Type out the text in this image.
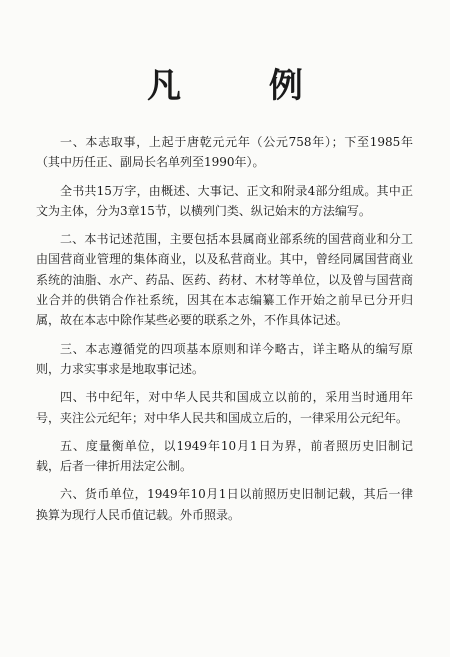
凡 例

一、本志取事，上起于唐乾元元年（公元758年）；下至1985年（其中历任正、副局长名单列至1990年）。

全书共15万字，由概述、大事记、正文和附录4部分组成。其中正文为主体，分为3章15节，以横列门类、纵记始末的方法编写。

二、本书记述范围，主要包括本县属商业部系统的国营商业和分工由国营商业管理的集体商业，以及私营商业。其中，曾经同属国营商业系统的油脂、水产、药品、医药、药材、木材等单位，以及曾与国营商业合并的供销合作社系统，因其在本志编纂工作开始之前早已分开归属，故在本志中除作某些必要的联系之外，不作具体记述。

三、本志遵循党的四项基本原则和详今略古，详主略从的编写原则，力求实事求是地取事记述。

四、书中纪年，对中华人民共和国成立以前的，采用当时通用年号，夹注公元纪年；对中华人民共和国成立后的，一律采用公元纪年。

五、度量衡单位，以1949年10月1日为界，前者照历史旧制记载，后者一律折用法定公制。

六、货币单位，1949年10月1日以前照历史旧制记载，其后一律换算为现行人民币值记载。外币照录。
